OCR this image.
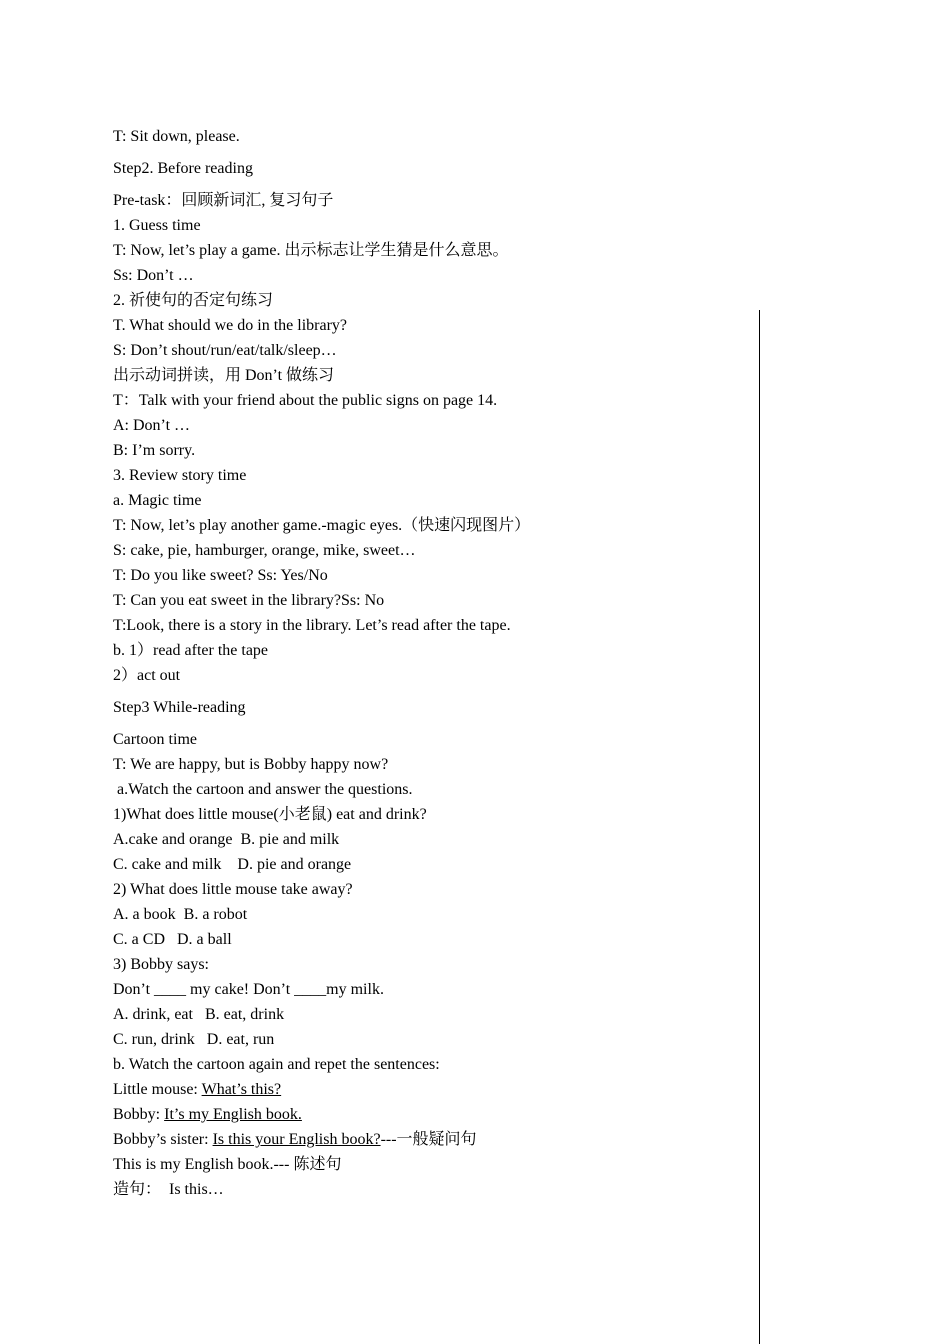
T: Sit down, please.
Step2. Before reading
Pre-task：回顾新词汇, 复习句子
1. Guess time
T: Now, let’s play a game. 出示标志让学生猜是什么意思。
Ss: Don’t …
2. 祈使句的否定句练习
T. What should we do in the library?
S: Don’t shout/run/eat/talk/sleep…
出示动词拼读，用 Don’t 做练习
T：Talk with your friend about the public signs on page 14.
A: Don’t …
B: I’m sorry.
3. Review story time
a. Magic time
T: Now, let’s play another game.-magic eyes.（快速闪现图片）
S: cake, pie, hamburger, orange, mike, sweet…
T: Do you like sweet? Ss: Yes/No
T: Can you eat sweet in the library?Ss: No
T:Look, there is a story in the library. Let’s read after the tape.
b. 1）read after the tape
2）act out
Step3 While-reading
Cartoon time
T: We are happy, but is Bobby happy now?
a.Watch the cartoon and answer the questions.
1)What does little mouse(小老鼠) eat and drink?
A.cake and orange  B. pie and milk
C. cake and milk    D. pie and orange
2) What does little mouse take away?
A. a book  B. a robot
C. a CD   D. a ball
3) Bobby says:
Don’t ____ my cake! Don’t ____my milk.
A. drink, eat   B. eat, drink
C. run, drink   D. eat, run
b. Watch the cartoon again and repet the sentences:
Little mouse: What’s this?
Bobby: It’s my English book.
Bobby’s sister: Is this your English book?---一般疑问句
This is my English book.--- 陈述句
造句：  Is this…
